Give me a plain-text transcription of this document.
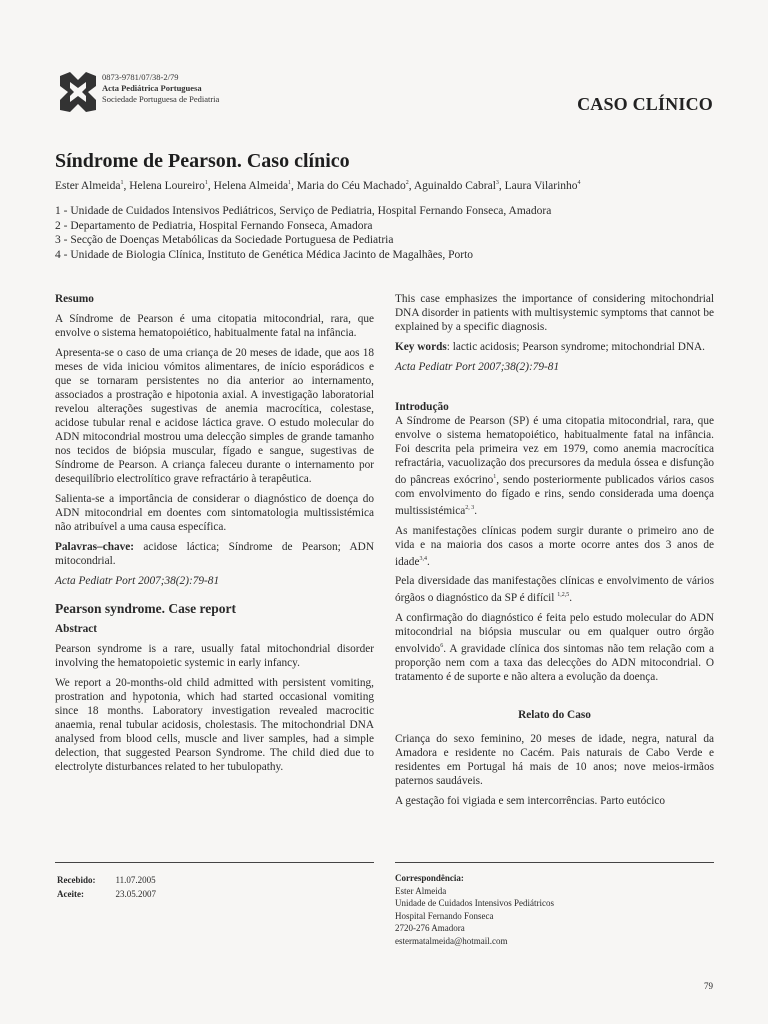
0873-9781/07/38-2/79
Acta Pediátrica Portuguesa
Sociedade Portuguesa de Pediatria	CASO CLÍNICO
Síndrome de Pearson. Caso clínico
Ester Almeida$^1$, Helena Loureiro$^1$, Helena Almeida$^1$, Maria do Céu Machado$^2$, Aguinaldo Cabral$^3$, Laura Vilarinho$^4$
1 - Unidade de Cuidados Intensivos Pediátricos, Serviço de Pediatria, Hospital Fernando Fonseca, Amadora
2 - Departamento de Pediatria, Hospital Fernando Fonseca, Amadora
3 - Secção de Doenças Metabólicas da Sociedade Portuguesa de Pediatria
4 - Unidade de Biologia Clínica, Instituto de Genética Médica Jacinto de Magalhães, Porto
Resumo

A Síndrome de Pearson é uma citopatia mitocondrial, rara, que envolve o sistema hematopoiético, habitualmente fatal na infância.

Apresenta-se o caso de uma criança de 20 meses de idade, que aos 18 meses de vida iniciou vómitos alimentares, de início esporádicos e que se tornaram persistentes no dia anterior ao internamento, associados a prostração e hipotonia axial. A investigação laboratorial revelou alterações sugestivas de anemia macrocítica, colestase, acidose tubular renal e acidose láctica grave. O estudo molecular do ADN mitocondrial mostrou uma delecção simples de grande tamanho nos tecidos de biópsia muscular, fígado e sangue, sugestivas de Síndrome de Pearson. A criança faleceu durante o internamento por desequilíbrio electrolítico grave refractário à terapêutica.

Salienta-se a importância de considerar o diagnóstico de doença do ADN mitocondrial em doentes com sintomatologia multissistémica não atribuível a uma causa específica.

Palavras–chave: acidose láctica; Síndrome de Pearson; ADN mitocondrial.

Acta Pediatr Port 2007;38(2):79-81

Pearson syndrome. Case report
Abstract

Pearson syndrome is a rare, usually fatal mitochondrial disorder involving the hematopoietic systemic in early infancy.

We report a 20-months-old child admitted with persistent vomiting, prostration and hypotonia, which had started occasional vomiting since 18 months. Laboratory investigation revealed macrocitic anaemia, renal tubular acidosis, cholestasis. The mitochondrial DNA analysed from blood cells, muscle and liver samples, had a simple delection, that suggested Pearson Syndrome. The child died due to electrolyte disturbances related to her tubulopathy.

This case emphasizes the importance of considering mitochondrial DNA disorder in patients with multisystemic symptoms that cannot be explained by a specific diagnosis.

Key words: lactic acidosis; Pearson syndrome; mitochondrial DNA.

Acta Pediatr Port 2007;38(2):79-81

Introdução

A Síndrome de Pearson (SP) é uma citopatia mitocondrial, rara, que envolve o sistema hematopoiético, habitualmente fatal na infância. Foi descrita pela primeira vez em 1979, como anemia macrocítica refractária, vacuolização dos precursores da medula óssea e disfunção do pâncreas exócrino$^1$, sendo posteriormente publicados vários casos com envolvimento do fígado e rins, sendo considerada uma doença multissistémica$^{2, 3}$.

As manifestações clínicas podem surgir durante o primeiro ano de vida e na maioria dos casos a morte ocorre antes dos 3 anos de idade$^{3,4}$.

Pela diversidade das manifestações clínicas e envolvimento de vários órgãos o diagnóstico da SP é difícil $^{1,2,5}$.

A confirmação do diagnóstico é feita pelo estudo molecular do ADN mitocondrial na biópsia muscular ou em qualquer outro órgão envolvido$^6$. A gravidade clínica dos sintomas não tem relação com a proporção nem com a taxa das delecções do ADN mitocondrial. O tratamento é de suporte e não altera a evolução da doença.

Relato do Caso

Criança do sexo feminino, 20 meses de idade, negra, natural da Amadora e residente no Cacém. Pais naturais de Cabo Verde e residentes em Portugal há mais de 10 anos; nove meios-irmãos paternos saudáveis.

A gestação foi vigiada e sem intercorrências. Parto eutócico

Recebido:	11.07.2005
Aceite:	23.05.2007
Correspondência:
Ester Almeida
Unidade de Cuidados Intensivos Pediátricos
Hospital Fernando Fonseca
2720-276 Amadora
estermatalmeida@hotmail.com
79
